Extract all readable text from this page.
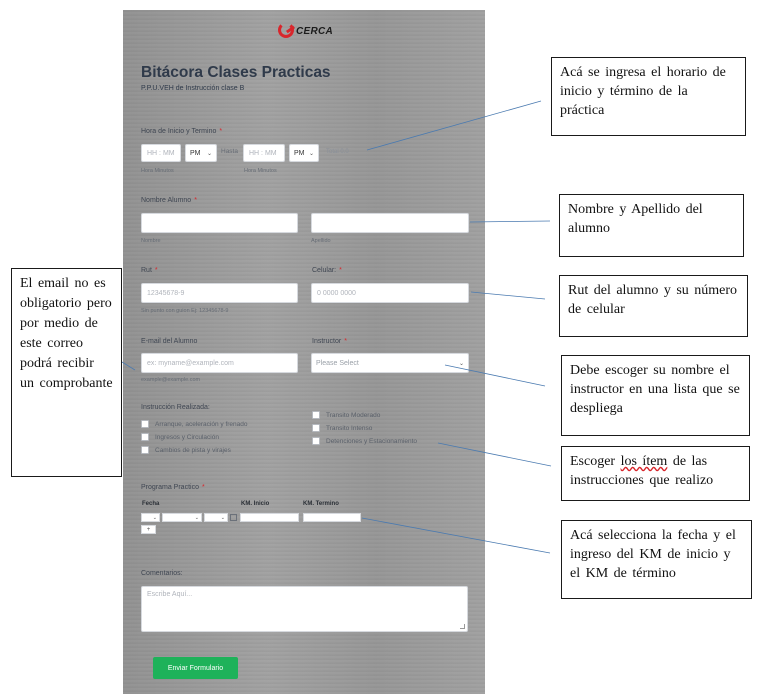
CERCA
Bitácora Clases Practicas
P.P.U.VEH de Instrucción clase B
Hora de Inicio y Termino *
HH : MM	PM ⌄ Hasta	HH : MM	PM ⌄ Total 0.0
Hora Minutos	Hora Minutos
Nombre Alumno *
Nombre	Apellido
Rut *
12345678-9
Sin punto con guion Ej: 12345678-9
Celular: *
0 0000 0000
E-mail del Alumno
ex: myname@example.com
example@example.com
Instructor *
Please Select	⌄
Instrucción Realizada:
Arranque, aceleración y frenado
Ingresos y Circulación
Cambios de pista y virajes
Transito Moderado
Transito Intenso
Detenciones y Estacionamiento
Programa Practico *
Fecha	KM. Inicio	KM. Termino
⌄	⌄	⌄
+
Comentarios:
Escribe Aquí...
Enviar Formulario
Acá se ingresa el horario de inicio y término de la práctica
Nombre y Apellido del alumno
Rut del alumno y su número de celular
El email no es obligatorio pero por medio de este correo podrá recibir un comprobante
Debe escoger su nombre el instructor en una lista que se despliega
Escoger los ítem de las instrucciones que realizo
Acá selecciona la fecha y el ingreso del KM de inicio y el KM de término
